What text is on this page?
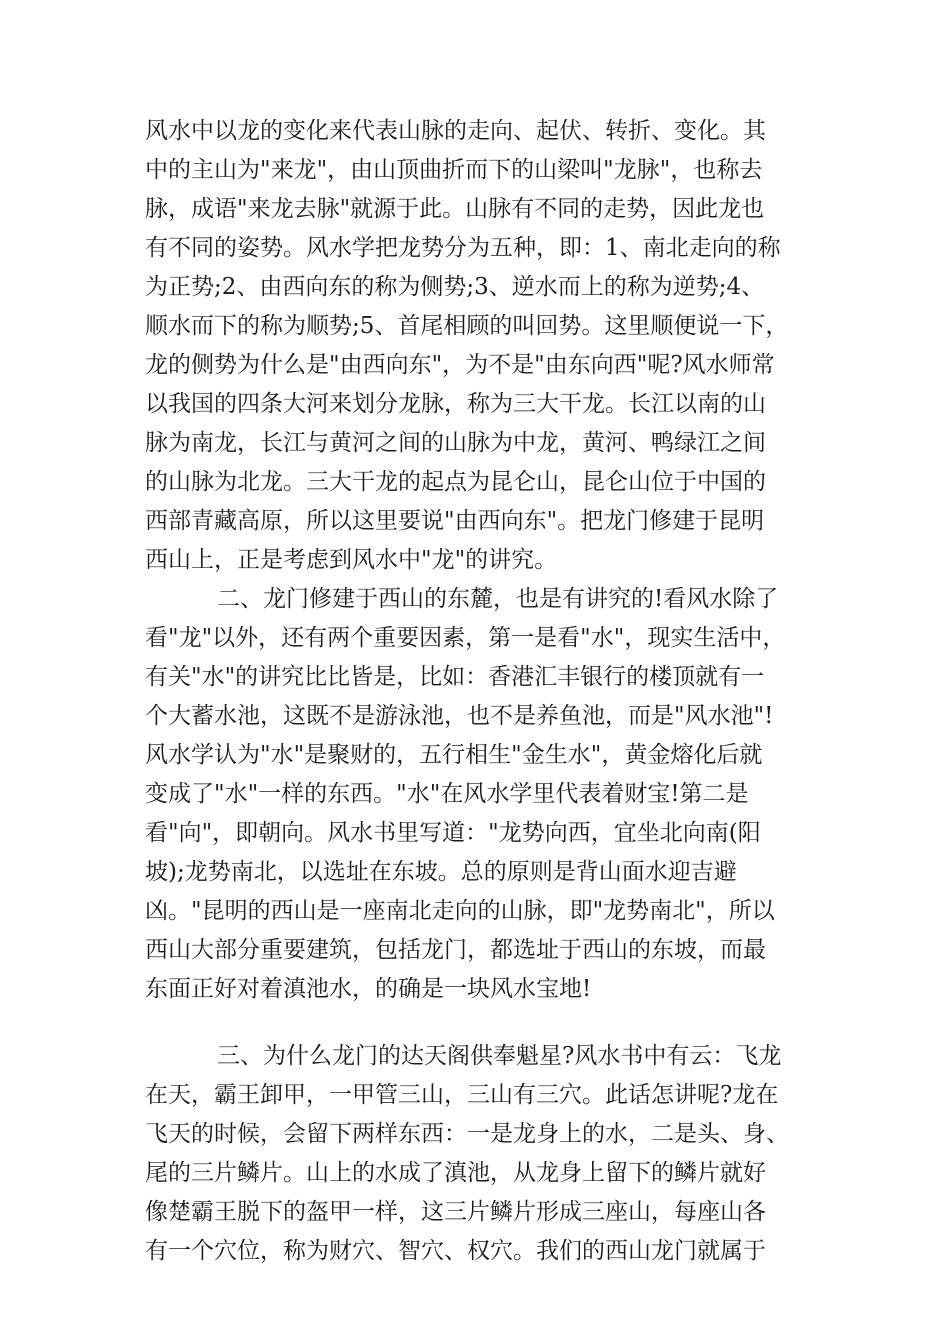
风水中以龙的变化来代表山脉的走向、起伏、转折、变化。其
中的主山为"来龙"，由山顶曲折而下的山梁叫"龙脉"，也称去
脉，成语"来龙去脉"就源于此。山脉有不同的走势，因此龙也
有不同的姿势。风水学把龙势分为五种，即：1、南北走向的称
为正势;2、由西向东的称为侧势;3、逆水而上的称为逆势;4、
顺水而下的称为顺势;5、首尾相顾的叫回势。这里顺便说一下，
龙的侧势为什么是"由西向东"，为不是"由东向西"呢?风水师常
以我国的四条大河来划分龙脉，称为三大干龙。长江以南的山
脉为南龙，长江与黄河之间的山脉为中龙，黄河、鸭绿江之间
的山脉为北龙。三大干龙的起点为昆仑山，昆仑山位于中国的
西部青藏高原，所以这里要说"由西向东"。把龙门修建于昆明
西山上，正是考虑到风水中"龙"的讲究。
二、龙门修建于西山的东麓，也是有讲究的!看风水除了
看"龙"以外，还有两个重要因素，第一是看"水"，现实生活中，
有关"水"的讲究比比皆是，比如：香港汇丰银行的楼顶就有一
个大蓄水池，这既不是游泳池，也不是养鱼池，而是"风水池"!
风水学认为"水"是聚财的，五行相生"金生水"，黄金熔化后就
变成了"水"一样的东西。"水"在风水学里代表着财宝!第二是
看"向"，即朝向。风水书里写道："龙势向西，宜坐北向南(阳
坡);龙势南北，以选址在东坡。总的原则是背山面水迎吉避
凶。"昆明的西山是一座南北走向的山脉，即"龙势南北"，所以
西山大部分重要建筑，包括龙门，都选址于西山的东坡，而最
东面正好对着滇池水，的确是一块风水宝地!
三、为什么龙门的达天阁供奉魁星?风水书中有云：飞龙
在天，霸王卸甲，一甲管三山，三山有三穴。此话怎讲呢?龙在
飞天的时候，会留下两样东西：一是龙身上的水，二是头、身、
尾的三片鳞片。山上的水成了滇池，从龙身上留下的鳞片就好
像楚霸王脱下的盔甲一样，这三片鳞片形成三座山，每座山各
有一个穴位，称为财穴、智穴、权穴。我们的西山龙门就属于
